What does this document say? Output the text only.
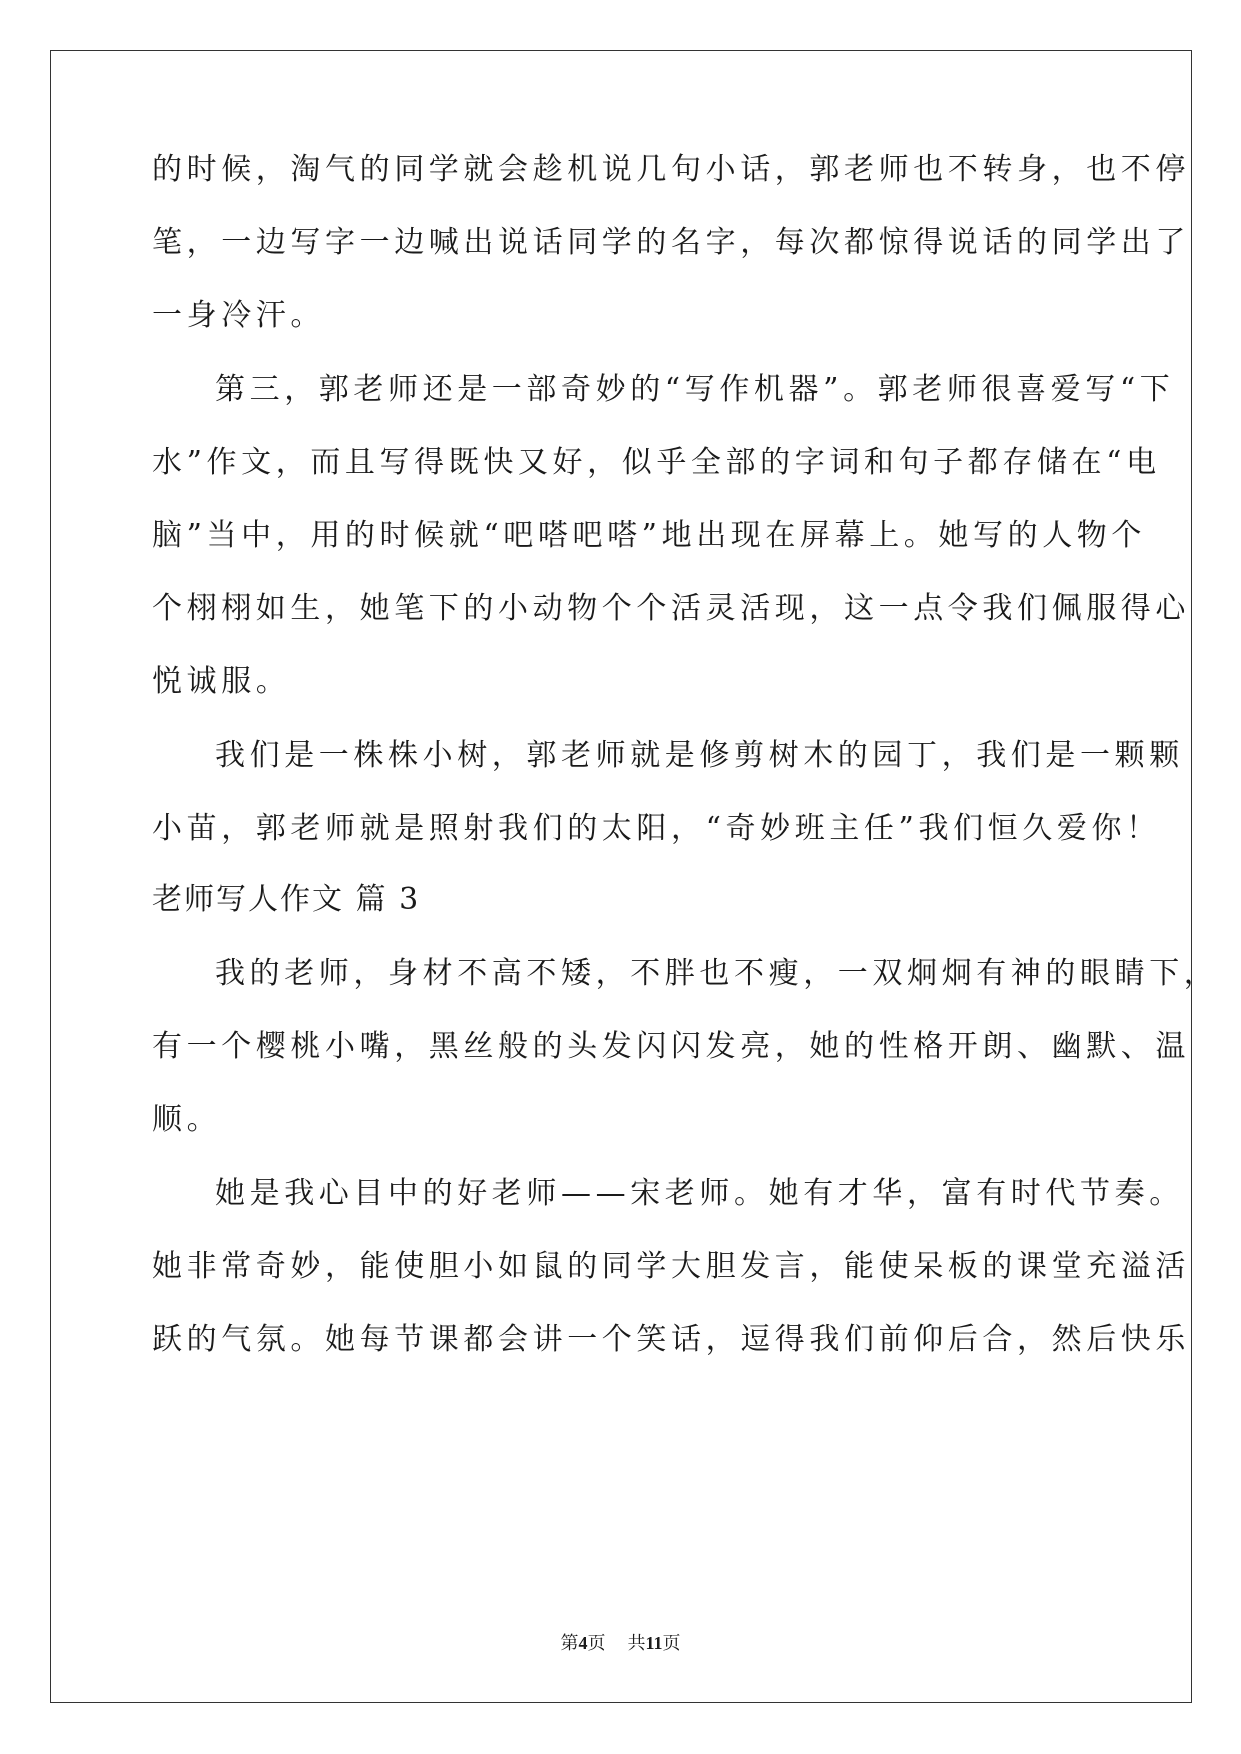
的时候，淘气的同学就会趁机说几句小话，郭老师也不转身，也不停
笔，一边写字一边喊出说话同学的名字，每次都惊得说话的同学出了
一身冷汗。
第三，郭老师还是一部奇妙的“写作机器”。郭老师很喜爱写“下
水”作文，而且写得既快又好，似乎全部的字词和句子都存储在“电
脑”当中，用的时候就“吧嗒吧嗒”地出现在屏幕上。她写的人物个
个栩栩如生，她笔下的小动物个个活灵活现，这一点令我们佩服得心
悦诚服。
我们是一株株小树，郭老师就是修剪树木的园丁，我们是一颗颗
小苗，郭老师就是照射我们的太阳，“奇妙班主任”我们恒久爱你！
老师写人作文 篇 3
我的老师，身材不高不矮，不胖也不瘦，一双炯炯有神的眼睛下，
有一个樱桃小嘴，黑丝般的头发闪闪发亮，她的性格开朗、幽默、温
顺。
她是我心目中的好老师——宋老师。她有才华，富有时代节奏。
她非常奇妙，能使胆小如鼠的同学大胆发言，能使呆板的课堂充溢活
跃的气氛。她每节课都会讲一个笑话，逗得我们前仰后合，然后快乐
第4页 共11页
